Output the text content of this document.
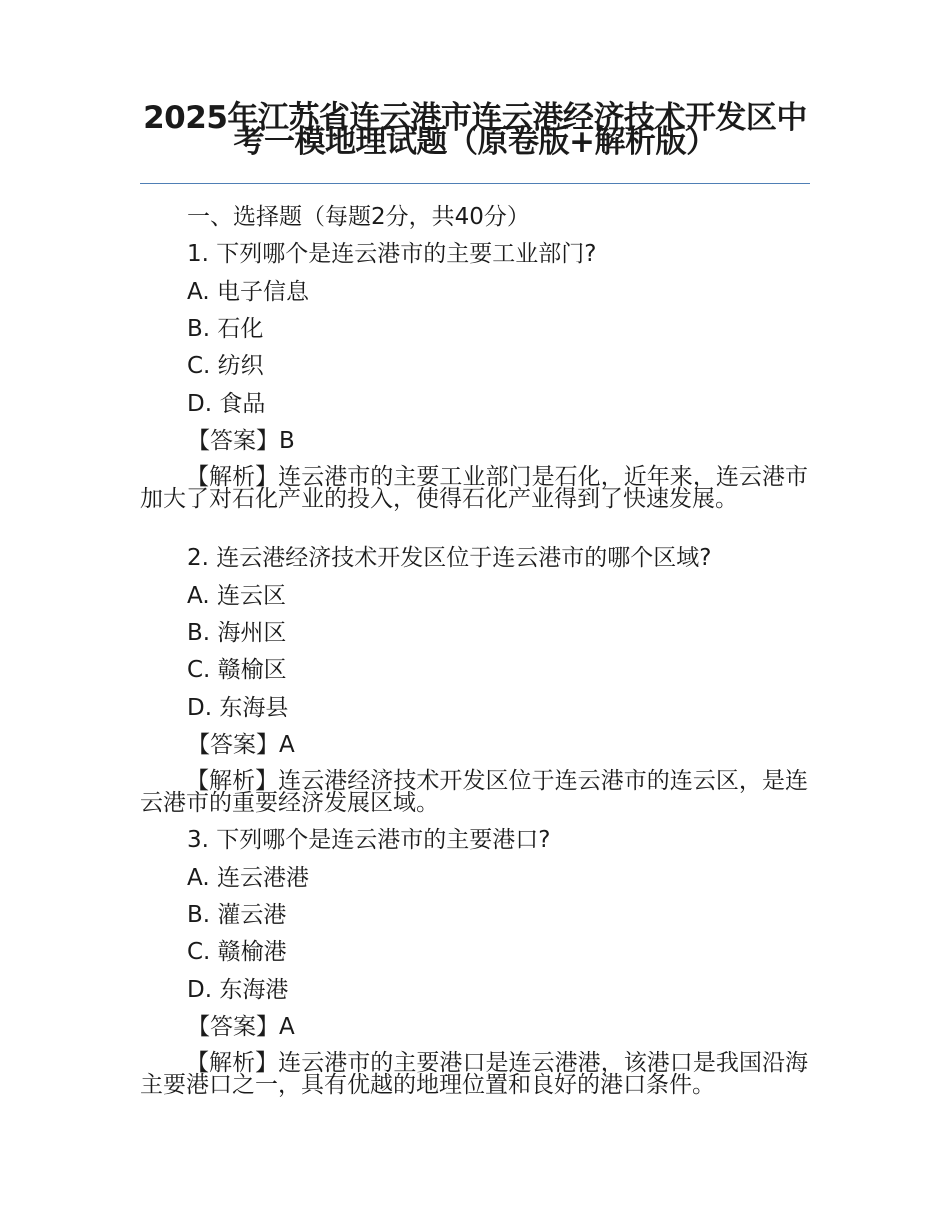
2025年江苏省连云港市连云港经济技术开发区中考一模地理试题（原卷版+解析版）
一、选择题（每题2分，共40分）
1. 下列哪个是连云港市的主要工业部门?
A. 电子信息
B. 石化
C. 纺织
D. 食品
【答案】B

【解析】连云港市的主要工业部门是石化，近年来，连云港市加大了对石化产业的投入，使得石化产业得到了快速发展。

2. 连云港经济技术开发区位于连云港市的哪个区域?
A. 连云区
B. 海州区
C. 赣榆区
D. 东海县
【答案】A

【解析】连云港经济技术开发区位于连云港市的连云区，是连云港市的重要经济发展区域。

3. 下列哪个是连云港市的主要港口?
A. 连云港港
B. 灌云港
C. 赣榆港
D. 东海港
【答案】A

【解析】连云港市的主要港口是连云港港，该港口是我国沿海主要港口之一，具有优越的地理位置和良好的港口条件。
